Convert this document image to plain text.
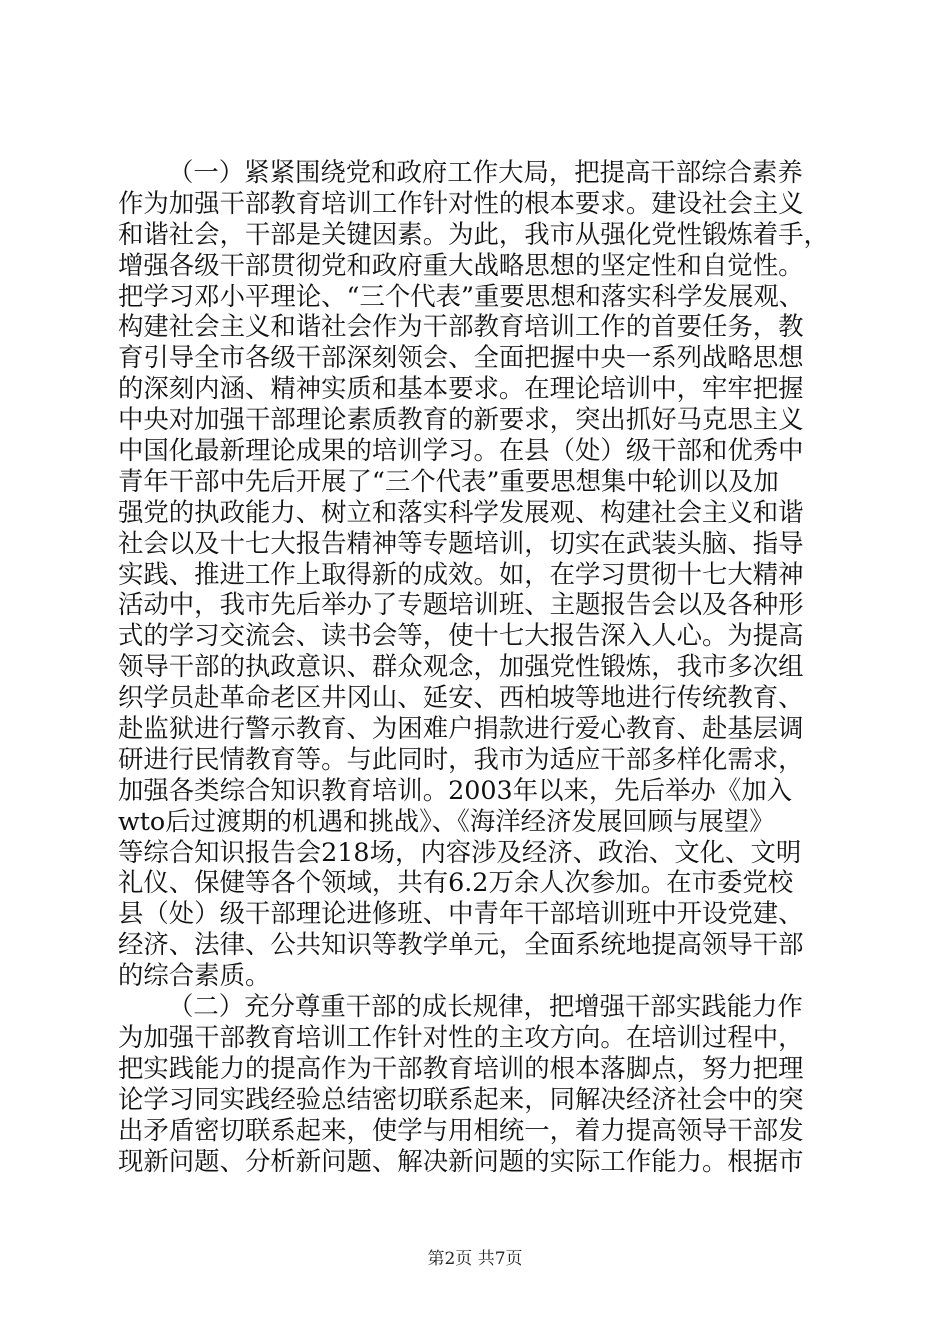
（一）紧紧围绕党和政府工作大局，把提高干部综合素养
作为加强干部教育培训工作针对性的根本要求。建设社会主义
和谐社会，干部是关键因素。为此，我市从强化党性锻炼着手，
增强各级干部贯彻党和政府重大战略思想的坚定性和自觉性。
把学习邓小平理论、“三个代表”重要思想和落实科学发展观、
构建社会主义和谐社会作为干部教育培训工作的首要任务，教
育引导全市各级干部深刻领会、全面把握中央一系列战略思想
的深刻内涵、精神实质和基本要求。在理论培训中，牢牢把握
中央对加强干部理论素质教育的新要求，突出抓好马克思主义
中国化最新理论成果的培训学习。在县（处）级干部和优秀中
青年干部中先后开展了“三个代表”重要思想集中轮训以及加
强党的执政能力、树立和落实科学发展观、构建社会主义和谐
社会以及十七大报告精神等专题培训，切实在武装头脑、指导
实践、推进工作上取得新的成效。如，在学习贯彻十七大精神
活动中，我市先后举办了专题培训班、主题报告会以及各种形
式的学习交流会、读书会等，使十七大报告深入人心。为提高
领导干部的执政意识、群众观念，加强党性锻炼，我市多次组
织学员赴革命老区井冈山、延安、西柏坡等地进行传统教育、
赴监狱进行警示教育、为困难户捐款进行爱心教育、赴基层调
研进行民情教育等。与此同时，我市为适应干部多样化需求，
加强各类综合知识教育培训。2003年以来，先后举办《加入
wto后过渡期的机遇和挑战》、《海洋经济发展回顾与展望》
等综合知识报告会218场，内容涉及经济、政治、文化、文明
礼仪、保健等各个领域，共有6.2万余人次参加。在市委党校
县（处）级干部理论进修班、中青年干部培训班中开设党建、
经济、法律、公共知识等教学单元，全面系统地提高领导干部
的综合素质。
（二）充分尊重干部的成长规律，把增强干部实践能力作
为加强干部教育培训工作针对性的主攻方向。在培训过程中，
把实践能力的提高作为干部教育培训的根本落脚点，努力把理
论学习同实践经验总结密切联系起来，同解决经济社会中的突
出矛盾密切联系起来，使学与用相统一，着力提高领导干部发
现新问题、分析新问题、解决新问题的实际工作能力。根据市
第2页 共7页
